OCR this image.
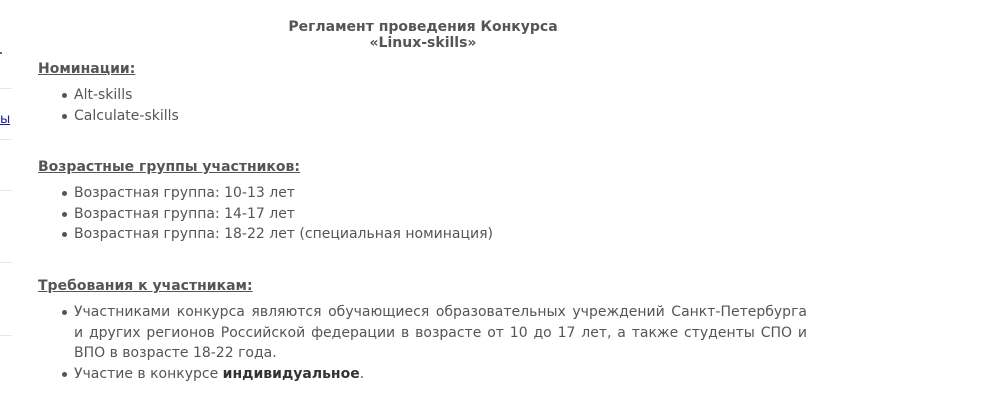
ы
Регламент проведения Конкурса
«Linux-skills»
Номинации:
Alt-skills
Calculate-skills
Возрастные группы участников:
Возрастная группа: 10-13 лет
Возрастная группа: 14-17 лет
Возрастная группа: 18-22 лет (специальная номинация)
Требования к участникам:
Участниками конкурса являются обучающиеся образовательных учреждений Санкт-Петербурга и других регионов Российской федерации в возрасте от 10 до 17 лет, а также студенты СПО и ВПО в возрасте 18-22 года.
Участие в конкурсе индивидуальное.
